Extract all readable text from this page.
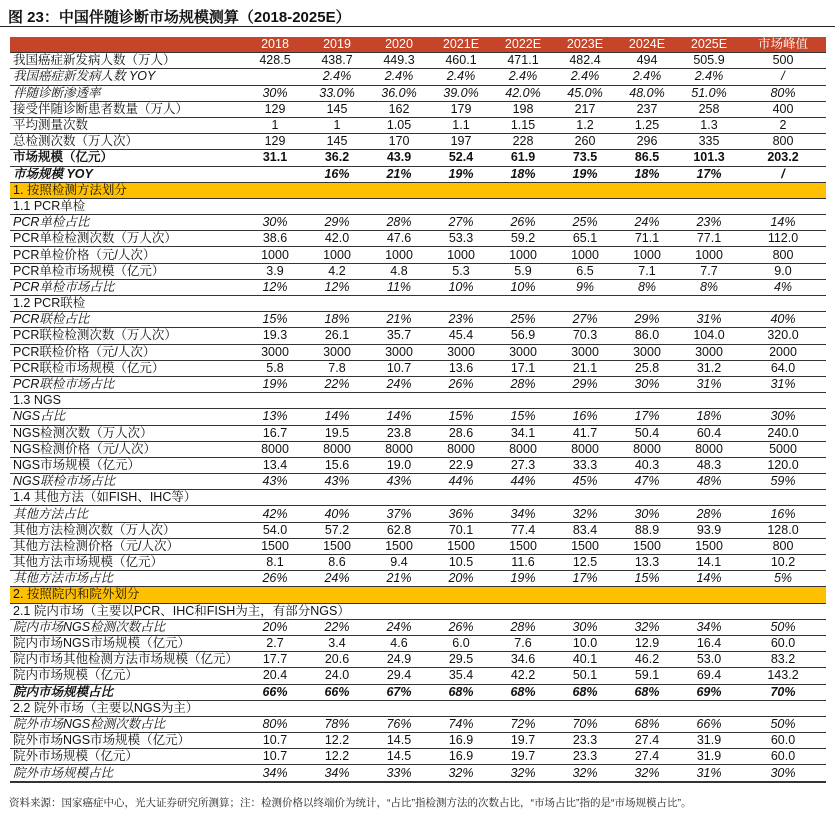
图 23：中国伴随诊断市场规模测算（2018-2025E）
	2018	2019	2020	2021E	2022E	2023E	2024E	2025E	市场峰值
我国癌症新发病人数（万人）	428.5	438.7	449.3	460.1	471.1	482.4	494	505.9	500
我国癌症新发病人数 YOY		2.4%	2.4%	2.4%	2.4%	2.4%	2.4%	2.4%	/
伴随诊断渗透率	30%	33.0%	36.0%	39.0%	42.0%	45.0%	48.0%	51.0%	80%
接受伴随诊断患者数量（万人）	129	145	162	179	198	217	237	258	400
平均测量次数	1	1	1.05	1.1	1.15	1.2	1.25	1.3	2
总检测次数（万人次）	129	145	170	197	228	260	296	335	800
市场规模（亿元）	31.1	36.2	43.9	52.4	61.9	73.5	86.5	101.3	203.2
市场规模 YOY		16%	21%	19%	18%	19%	18%	17%	/
1. 按照检测方法划分									
1.1 PCR单检									
PCR单检占比	30%	29%	28%	27%	26%	25%	24%	23%	14%
PCR单检检测次数（万人次）	38.6	42.0	47.6	53.3	59.2	65.1	71.1	77.1	112.0
PCR单检价格（元/人次）	1000	1000	1000	1000	1000	1000	1000	1000	800
PCR单检市场规模（亿元）	3.9	4.2	4.8	5.3	5.9	6.5	7.1	7.7	9.0
PCR单检市场占比	12%	12%	11%	10%	10%	9%	8%	8%	4%
1.2 PCR联检									
PCR联检占比	15%	18%	21%	23%	25%	27%	29%	31%	40%
PCR联检检测次数（万人次）	19.3	26.1	35.7	45.4	56.9	70.3	86.0	104.0	320.0
PCR联检价格（元/人次）	3000	3000	3000	3000	3000	3000	3000	3000	2000
PCR联检市场规模（亿元）	5.8	7.8	10.7	13.6	17.1	21.1	25.8	31.2	64.0
PCR联检市场占比	19%	22%	24%	26%	28%	29%	30%	31%	31%
1.3 NGS									
NGS占比	13%	14%	14%	15%	15%	16%	17%	18%	30%
NGS检测次数（万人次）	16.7	19.5	23.8	28.6	34.1	41.7	50.4	60.4	240.0
NGS检测价格（元/人次）	8000	8000	8000	8000	8000	8000	8000	8000	5000
NGS市场规模（亿元）	13.4	15.6	19.0	22.9	27.3	33.3	40.3	48.3	120.0
NGS联检市场占比	43%	43%	43%	44%	44%	45%	47%	48%	59%
1.4 其他方法（如FISH、IHC等）									
其他方法占比	42%	40%	37%	36%	34%	32%	30%	28%	16%
其他方法检测次数（万人次）	54.0	57.2	62.8	70.1	77.4	83.4	88.9	93.9	128.0
其他方法检测价格（元/人次）	1500	1500	1500	1500	1500	1500	1500	1500	800
其他方法市场规模（亿元）	8.1	8.6	9.4	10.5	11.6	12.5	13.3	14.1	10.2
其他方法市场占比	26%	24%	21%	20%	19%	17%	15%	14%	5%
2. 按照院内和院外划分									
2.1 院内市场（主要以PCR、IHC和FISH为主，有部分NGS）									
院内市场NGS检测次数占比	20%	22%	24%	26%	28%	30%	32%	34%	50%
院内市场NGS市场规模（亿元）	2.7	3.4	4.6	6.0	7.6	10.0	12.9	16.4	60.0
院内市场其他检测方法市场规模（亿元）	17.7	20.6	24.9	29.5	34.6	40.1	46.2	53.0	83.2
院内市场规模（亿元）	20.4	24.0	29.4	35.4	42.2	50.1	59.1	69.4	143.2
院内市场规模占比	66%	66%	67%	68%	68%	68%	68%	69%	70%
2.2 院外市场（主要以NGS为主）									
院外市场NGS检测次数占比	80%	78%	76%	74%	72%	70%	68%	66%	50%
院外市场NGS市场规模（亿元）	10.7	12.2	14.5	16.9	19.7	23.3	27.4	31.9	60.0
院外市场规模（亿元）	10.7	12.2	14.5	16.9	19.7	23.3	27.4	31.9	60.0
院外市场规模占比	34%	34%	33%	32%	32%	32%	32%	31%	30%
资料来源：国家癌症中心，光大证券研究所测算；注：检测价格以终端价为统计，“占比”指检测方法的次数占比，“市场占比”指的是“市场规模占比”。
